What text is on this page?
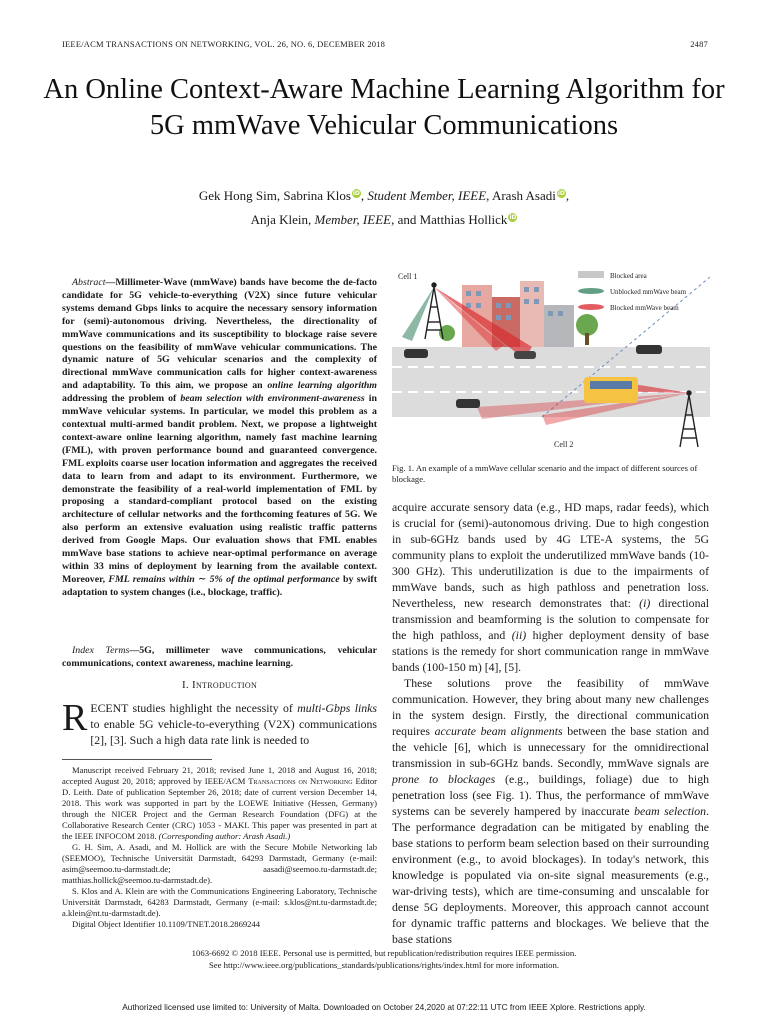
IEEE/ACM TRANSACTIONS ON NETWORKING, VOL. 26, NO. 6, DECEMBER 2018	2487
An Online Context-Aware Machine Learning Algorithm for 5G mmWave Vehicular Communications
Gek Hong Sim, Sabrina Klos iD, Student Member, IEEE, Arash Asadi iD,
Anja Klein, Member, IEEE, and Matthias Hollick iD
Abstract—Millimeter-Wave (mmWave) bands have become the de-facto candidate for 5G vehicle-to-everything (V2X) since future vehicular systems demand Gbps links to acquire the necessary sensory information for (semi)-autonomous driving. Nevertheless, the directionality of mmWave communications and its susceptibility to blockage raise severe questions on the feasibility of mmWave vehicular communications. The dynamic nature of 5G vehicular scenarios and the complexity of directional mmWave communication calls for higher context-awareness and adaptability. To this aim, we propose an online learning algorithm addressing the problem of beam selection with environment-awareness in mmWave vehicular systems. In particular, we model this problem as a contextual multi-armed bandit problem. Next, we propose a lightweight context-aware online learning algorithm, namely fast machine learning (FML), with proven performance bound and guaranteed convergence. FML exploits coarse user location information and aggregates the received data to learn from and adapt to its environment. Furthermore, we demonstrate the feasibility of a real-world implementation of FML by proposing a standard-compliant protocol based on the existing architecture of cellular networks and the forthcoming features of 5G. We also perform an extensive evaluation using realistic traffic patterns derived from Google Maps. Our evaluation shows that FML enables mmWave base stations to achieve near-optimal performance on average within 33 mins of deployment by learning from the available context. Moreover, FML remains within ∼ 5% of the optimal performance by swift adaptation to system changes (i.e., blockage, traffic).
Index Terms—5G, millimeter wave communications, vehicular communications, context awareness, machine learning.
I. Introduction
RECENT studies highlight the necessity of multi-Gbps links to enable 5G vehicle-to-everything (V2X) communications [2], [3]. Such a high data rate link is needed to

Manuscript received February 21, 2018; revised June 1, 2018 and August 16, 2018; accepted August 20, 2018; approved by IEEE/ACM Transactions on Networking Editor D. Leith. Date of publication September 26, 2018; date of current version December 14, 2018. This work was supported in part by the LOEWE Initiative (Hessen, Germany) through the NICER Project and the German Research Foundation (DFG) at the Collaborative Research Center (CRC) 1053 - MAKI. This paper was presented in part at the IEEE INFOCOM 2018. (Corresponding author: Arash Asadi.)

G. H. Sim, A. Asadi, and M. Hollick are with the Secure Mobile Networking lab (SEEMOO), Technische Universität Darmstadt, 64293 Darmstadt, Germany (e-mail: asim@seemoo.tu-darmstadt.de; aasadi@seemoo.tu-darmstadt.de; matthias.hollick@seemoo.tu-darmstadt.de).

S. Klos and A. Klein are with the Communications Engineering Laboratory, Technische Universität Darmstadt, 64283 Darmstadt, Germany (e-mail: s.klos@nt.tu-darmstadt.de; a.klein@nt.tu-darmstadt.de).

Digital Object Identifier 10.1109/TNET.2018.2869244

Blocked area
Unblocked mmWave beam
Blocked mmWave beam
Cell 1
Cell 2
Fig. 1. An example of a mmWave cellular scenario and the impact of different sources of blockage.

acquire accurate sensory data (e.g., HD maps, radar feeds), which is crucial for (semi)-autonomous driving. Due to high congestion in sub-6GHz bands used by 4G LTE-A systems, the 5G community plans to exploit the underutilized mmWave bands (10-300 GHz). This underutilization is due to the impairments of mmWave bands, such as high pathloss and penetration loss. Nevertheless, new research demonstrates that: (i) directional transmission and beamforming is the solution to compensate for the high pathloss, and (ii) higher deployment density of base stations is the remedy for short communication range in mmWave bands (100-150 m) [4], [5].

These solutions prove the feasibility of mmWave communication. However, they bring about many new challenges in the system design. Firstly, the directional communication requires accurate beam alignments between the base station and the vehicle [6], which is unnecessary for the omnidirectional transmission in sub-6GHz bands. Secondly, mmWave signals are prone to blockages (e.g., buildings, foliage) due to high penetration loss (see Fig. 1). Thus, the performance of mmWave systems can be severely hampered by inaccurate beam selection. The performance degradation can be mitigated by enabling the base stations to perform beam selection based on their surrounding environment (e.g., to avoid blockages). In today's network, this knowledge is populated via on-site signal measurements (e.g., war-driving tests), which are time-consuming and unscalable for dense 5G deployments. Moreover, this approach cannot account for dynamic traffic patterns and blockages. We believe that the base stations

1063-6692 © 2018 IEEE. Personal use is permitted, but republication/redistribution requires IEEE permission.
See http://www.ieee.org/publications_standards/publications/rights/index.html for more information.
Authorized licensed use limited to: University of Malta. Downloaded on October 24,2020 at 07:22:11 UTC from IEEE Xplore. Restrictions apply.
